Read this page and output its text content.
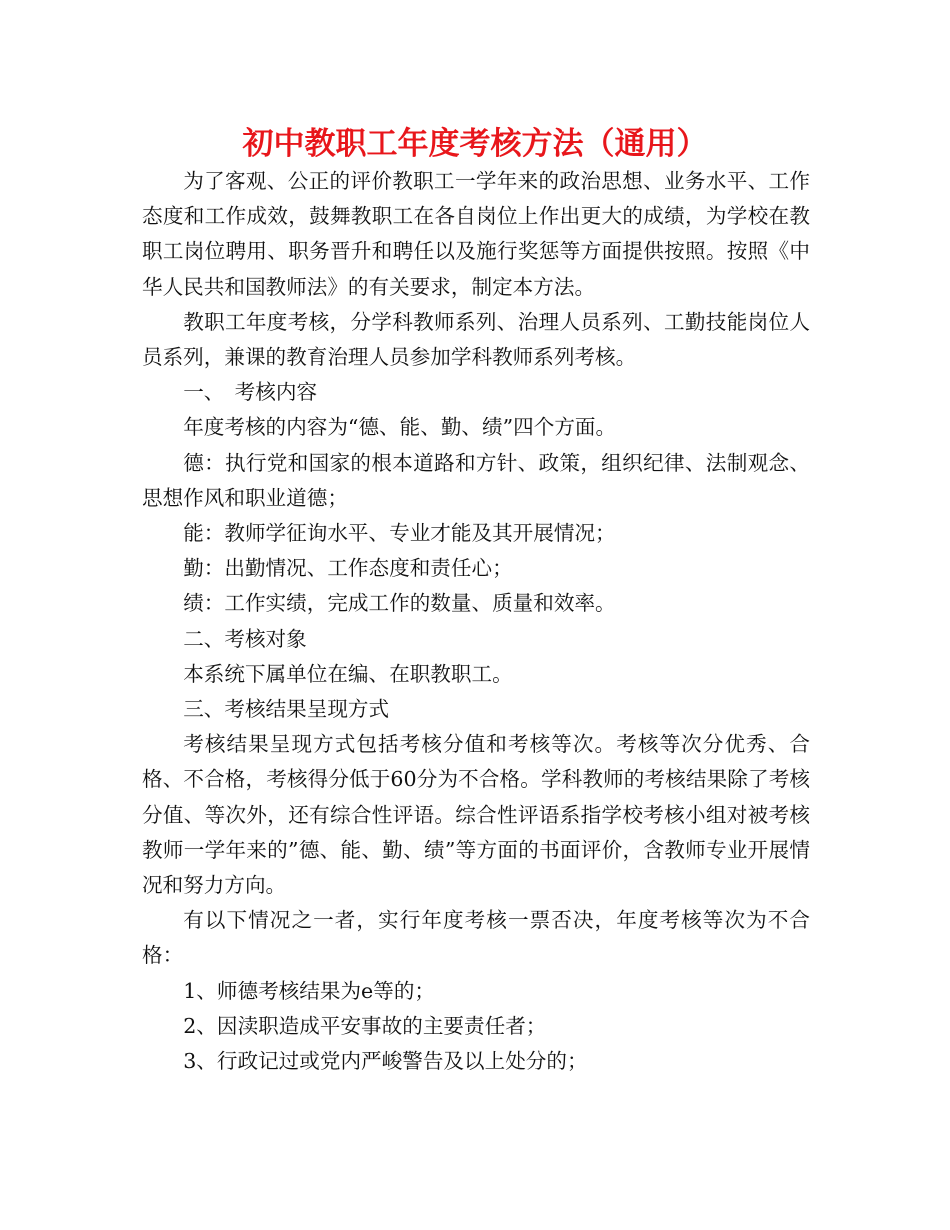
初中教职工年度考核方法（通用）

为了客观、公正的评价教职工一学年来的政治思想、业务水平、工作态度和工作成效，鼓舞教职工在各自岗位上作出更大的成绩，为学校在教职工岗位聘用、职务晋升和聘任以及施行奖惩等方面提供按照。按照《中华人民共和国教师法》的有关要求，制定本方法。

教职工年度考核，分学科教师系列、治理人员系列、工勤技能岗位人员系列，兼课的教育治理人员参加学科教师系列考核。

一、　考核内容

年度考核的内容为“德、能、勤、绩”四个方面。

德：执行党和国家的根本道路和方针、政策，组织纪律、法制观念、思想作风和职业道德；

能：教师学征询水平、专业才能及其开展情况；

勤：出勤情况、工作态度和责任心；

绩：工作实绩，完成工作的数量、质量和效率。

二、考核对象

本系统下属单位在编、在职教职工。

三、考核结果呈现方式

考核结果呈现方式包括考核分值和考核等次。考核等次分优秀、合格、不合格，考核得分低于60分为不合格。学科教师的考核结果除了考核分值、等次外，还有综合性评语。综合性评语系指学校考核小组对被考核教师一学年来的”德、能、勤、绩”等方面的书面评价，含教师专业开展情况和努力方向。

有以下情况之一者，实行年度考核一票否决，年度考核等次为不合格：

1、师德考核结果为e等的；

2、因渎职造成平安事故的主要责任者；

3、行政记过或党内严峻警告及以上处分的；
